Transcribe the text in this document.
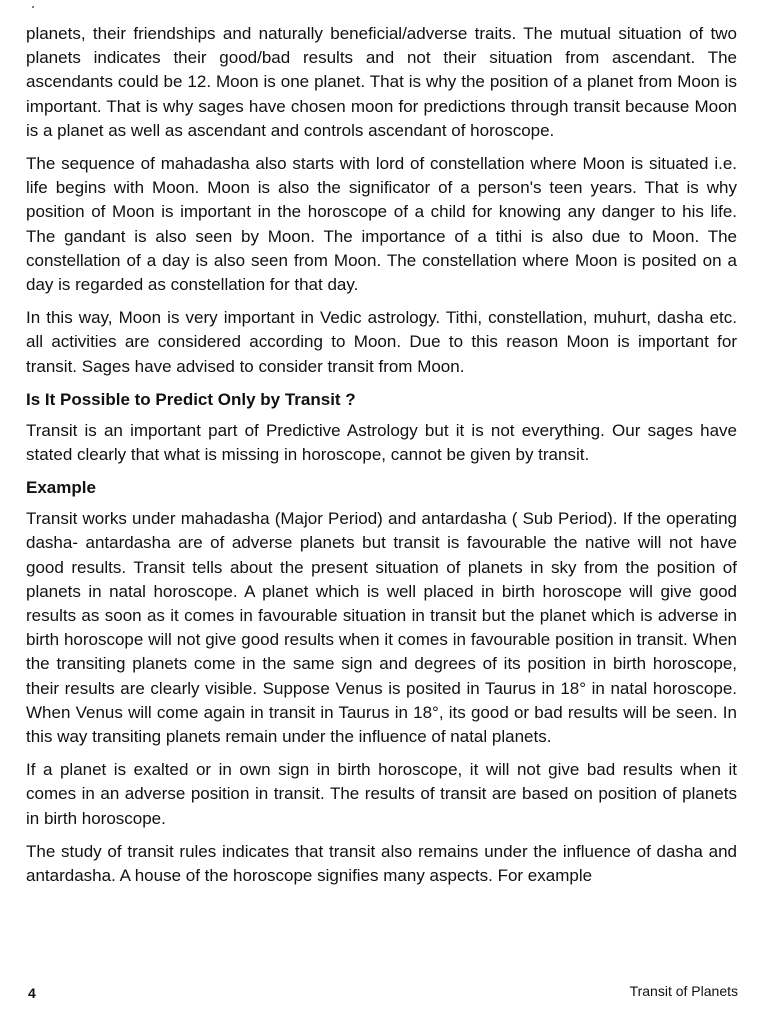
planets, their friendships and naturally beneficial/adverse traits. The mutual situation of two planets indicates their good/bad results and not their situation from ascendant. The ascendants could be 12. Moon is one planet. That is why the position of a planet from Moon is important. That is why sages have chosen moon for predictions through transit because Moon is a planet as well as ascendant and controls ascendant of horoscope.

The sequence of mahadasha also starts with lord of constellation where Moon is situated i.e. life begins with Moon. Moon is also the significator of a person's teen years. That is why position of Moon is important in the horoscope of a child for knowing any danger to his life. The gandant is also seen by Moon. The importance of a tithi is also due to Moon. The constellation of a day is also seen from Moon. The constellation where Moon is posited on a day is regarded as constellation for that day.

In this way, Moon is very important in Vedic astrology. Tithi, constellation, muhurt, dasha etc. all activities are considered according to Moon. Due to this reason Moon is important for transit. Sages have advised to consider transit from Moon.

Is It Possible to Predict Only by Transit ?

Transit is an important part of Predictive Astrology but it is not everything. Our sages have stated clearly that what is missing in horoscope, cannot be given by transit.

Example

Transit works under mahadasha (Major Period) and antardasha ( Sub Period). If the operating dasha- antardasha are of adverse planets but transit is favourable the native will not have good results. Transit tells about the present situation of planets in sky from the position of planets in natal horoscope. A planet which is well placed in birth horoscope will give good results as soon as it comes in favourable situation in transit but the planet which is adverse in birth horoscope will not give good results when it comes in favourable position in transit. When the transiting planets come in the same sign and degrees of its position in birth horoscope, their results are clearly visible. Suppose Venus is posited in Taurus in 18° in natal horoscope. When Venus will come again in transit in Taurus in 18°, its good or bad results will be seen. In this way transiting planets remain under the influence of natal planets.

If a planet is exalted or in own sign in birth horoscope, it will not give bad results when it comes in an adverse position in transit. The results of transit are based on position of planets in birth horoscope.

The study of transit rules indicates that transit also remains under the influence of dasha and antardasha. A house of the horoscope signifies many aspects. For example

4	Transit of Planets
